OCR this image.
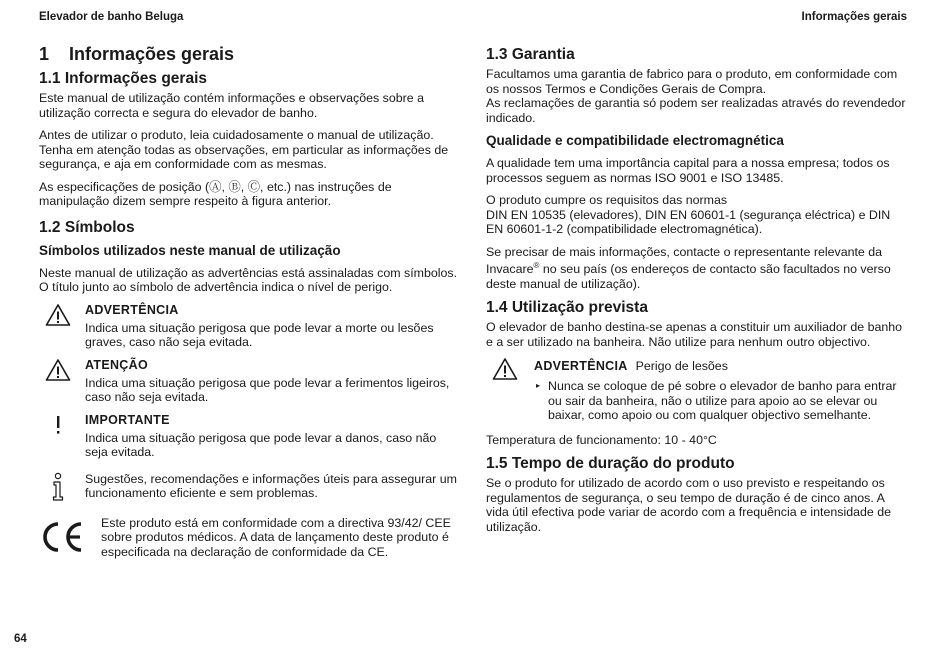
Elevador de banho Beluga	Informações gerais
1	Informações gerais
1.1 Informações gerais

Este manual de utilização contém informações e observações sobre a utilização correcta e segura do elevador de banho.

Antes de utilizar o produto, leia cuidadosamente o manual de utilização. Tenha em atenção todas as observações, em particular as informações de segurança, e aja em conformidade com as mesmas.

As especificações de posição (Ⓐ, Ⓑ, Ⓒ, etc.) nas instruções de manipulação dizem sempre respeito à figura anterior.

1.2 Símbolos
Símbolos utilizados neste manual de utilização

Neste manual de utilização as advertências está assinaladas com símbolos. O título junto ao símbolo de advertência indica o nível de perigo.

ADVERTÊNCIA

Indica uma situação perigosa que pode levar a morte ou lesões graves, caso não seja evitada.

ATENÇÃO

Indica uma situação perigosa que pode levar a ferimentos ligeiros, caso não seja evitada.

IMPORTANTE

Indica uma situação perigosa que pode levar a danos, caso não seja evitada.

Sugestões, recomendações e informações úteis para assegurar um funcionamento eficiente e sem problemas.

Este produto está em conformidade com a directiva 93/42/ CEE sobre produtos médicos. A data de lançamento deste produto é especificada na declaração de conformidade da CE.
1.3 Garantia

Facultamos uma garantia de fabrico para o produto, em conformidade com os nossos Termos e Condições Gerais de Compra.

As reclamações de garantia só podem ser realizadas através do revendedor indicado.

Qualidade e compatibilidade electromagnética

A qualidade tem uma importância capital para a nossa empresa; todos os processos seguem as normas ISO 9001 e ISO 13485.

O produto cumpre os requisitos das normas

DIN EN 10535 (elevadores), DIN EN 60601-1 (segurança eléctrica) e DIN EN 60601-1-2 (compatibilidade electromagnética).

Se precisar de mais informações, contacte o representante relevante da Invacare® no seu país (os endereços de contacto são facultados no verso deste manual de utilização).

1.4 Utilização prevista

O elevador de banho destina-se apenas a constituir um auxiliador de banho e a ser utilizado na banheira. Não utilize para nenhum outro objectivo.

ADVERTÊNCIA Perigo de lesões
▸ Nunca se coloque de pé sobre o elevador de banho para entrar ou sair da banheira, não o utilize para apoio ao se elevar ou baixar, como apoio ou com qualquer objectivo semelhante.

Temperatura de funcionamento: 10 - 40°C

1.5 Tempo de duração do produto

Se o produto for utilizado de acordo com o uso previsto e respeitando os regulamentos de segurança, o seu tempo de duração é de cinco anos. A vida útil efectiva pode variar de acordo com a frequência e intensidade de utilização.

64
